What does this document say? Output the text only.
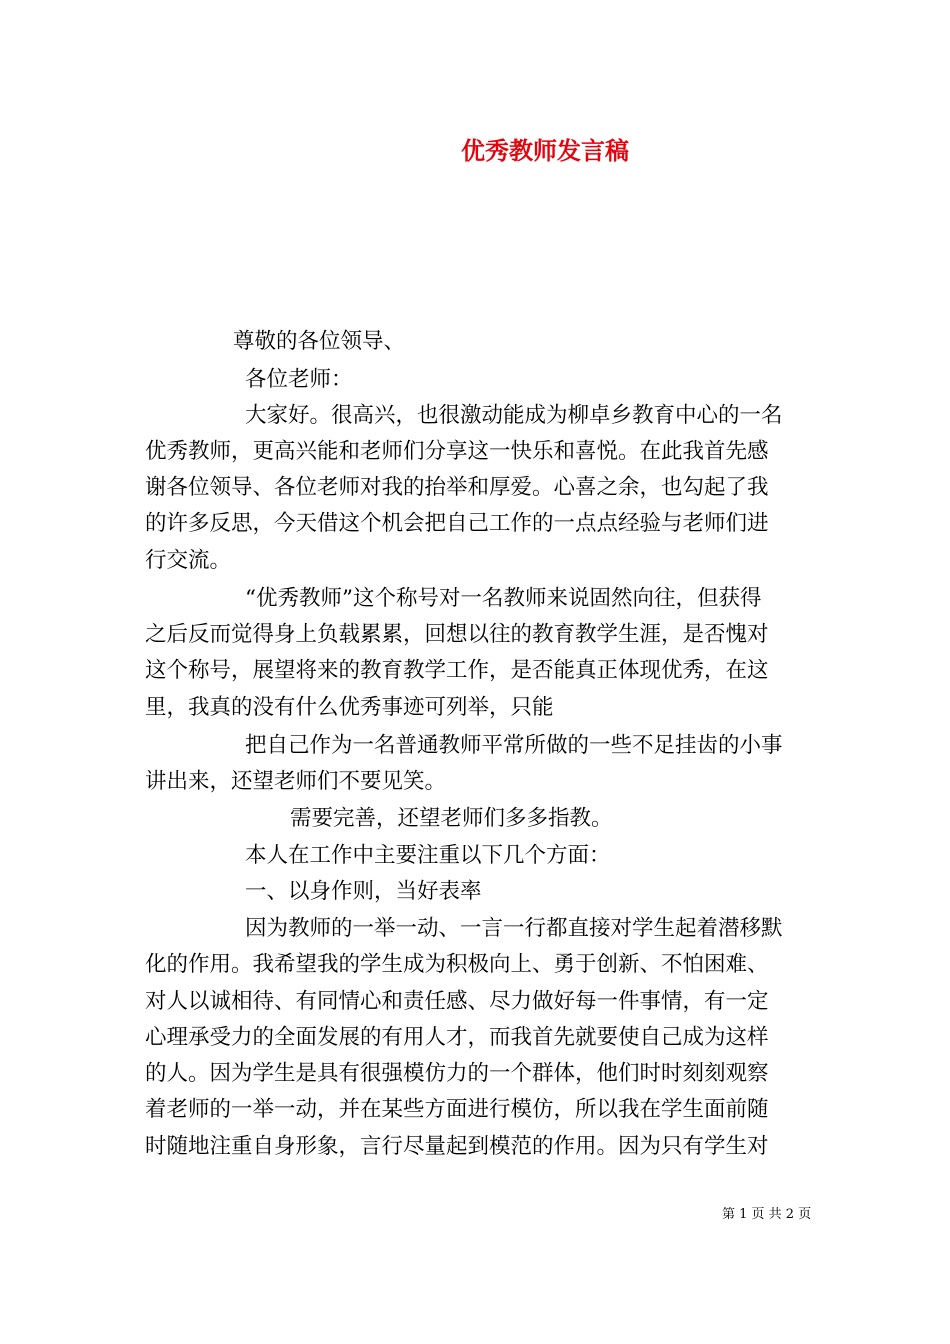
优秀教师发言稿
尊敬的各位领导、
各位老师：
大家好。很高兴，也很激动能成为柳卓乡教育中心的一名
优秀教师，更高兴能和老师们分享这一快乐和喜悦。在此我首先感
谢各位领导、各位老师对我的抬举和厚爱。心喜之余，也勾起了我
的许多反思，今天借这个机会把自己工作的一点点经验与老师们进
行交流。
“优秀教师”这个称号对一名教师来说固然向往，但获得
之后反而觉得身上负载累累，回想以往的教育教学生涯，是否愧对
这个称号，展望将来的教育教学工作，是否能真正体现优秀，在这
里，我真的没有什么优秀事迹可列举，只能
把自己作为一名普通教师平常所做的一些不足挂齿的小事
讲出来，还望老师们不要见笑。
需要完善，还望老师们多多指教。
本人在工作中主要注重以下几个方面：
一、以身作则，当好表率
因为教师的一举一动、一言一行都直接对学生起着潜移默
化的作用。我希望我的学生成为积极向上、勇于创新、不怕困难、
对人以诚相待、有同情心和责任感、尽力做好每一件事情，有一定
心理承受力的全面发展的有用人才，而我首先就要使自己成为这样
的人。因为学生是具有很强模仿力的一个群体，他们时时刻刻观察
着老师的一举一动，并在某些方面进行模仿，所以我在学生面前随
时随地注重自身形象，言行尽量起到模范的作用。因为只有学生对
第 1 页 共 2 页
